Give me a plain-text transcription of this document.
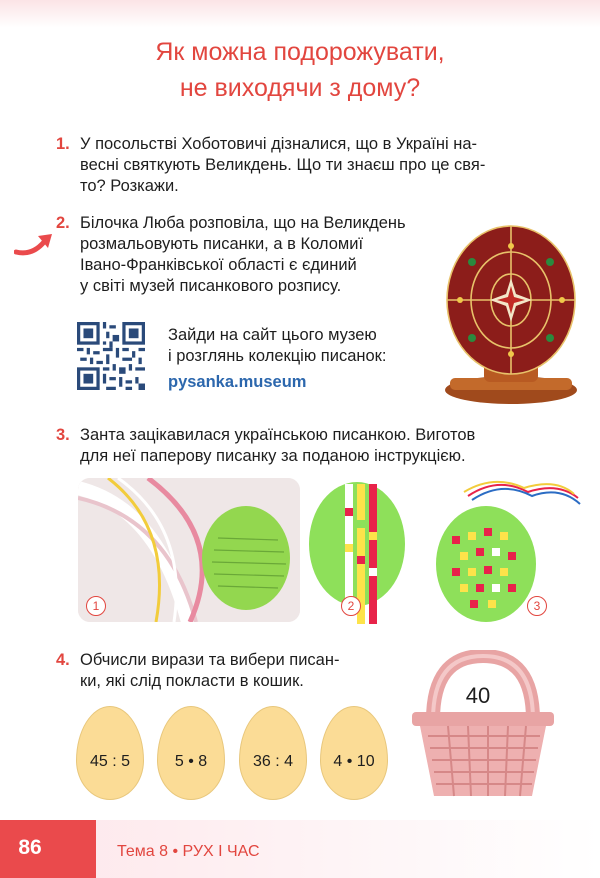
Як можна подорожувати,
не виходячи з дому?
1. У посольстві Хоботовичі дізналися, що в Україні на-
весні святкують Великдень. Що ти знаєш про це свя-
то? Розкажи.
2. Білочка Люба розповіла, що на Великдень
розмальовують писанки, а в Коломиї
Івано-Франківської області є єдиний
у світі музей писанкового розпису.
Зайди на сайт цього музею
і розглянь колекцію писанок:
pysanka.museum
3. Занта зацікавилася українською писанкою. Виготов
для неї паперову писанку за поданою інструкцією.
1	2	3
4. Обчисли вирази та вибери писан-
ки, які слід покласти в кошик.
45 : 5	5 • 8	36 : 4	4 • 10
40
86	Тема 8 • РУХ І ЧАС
